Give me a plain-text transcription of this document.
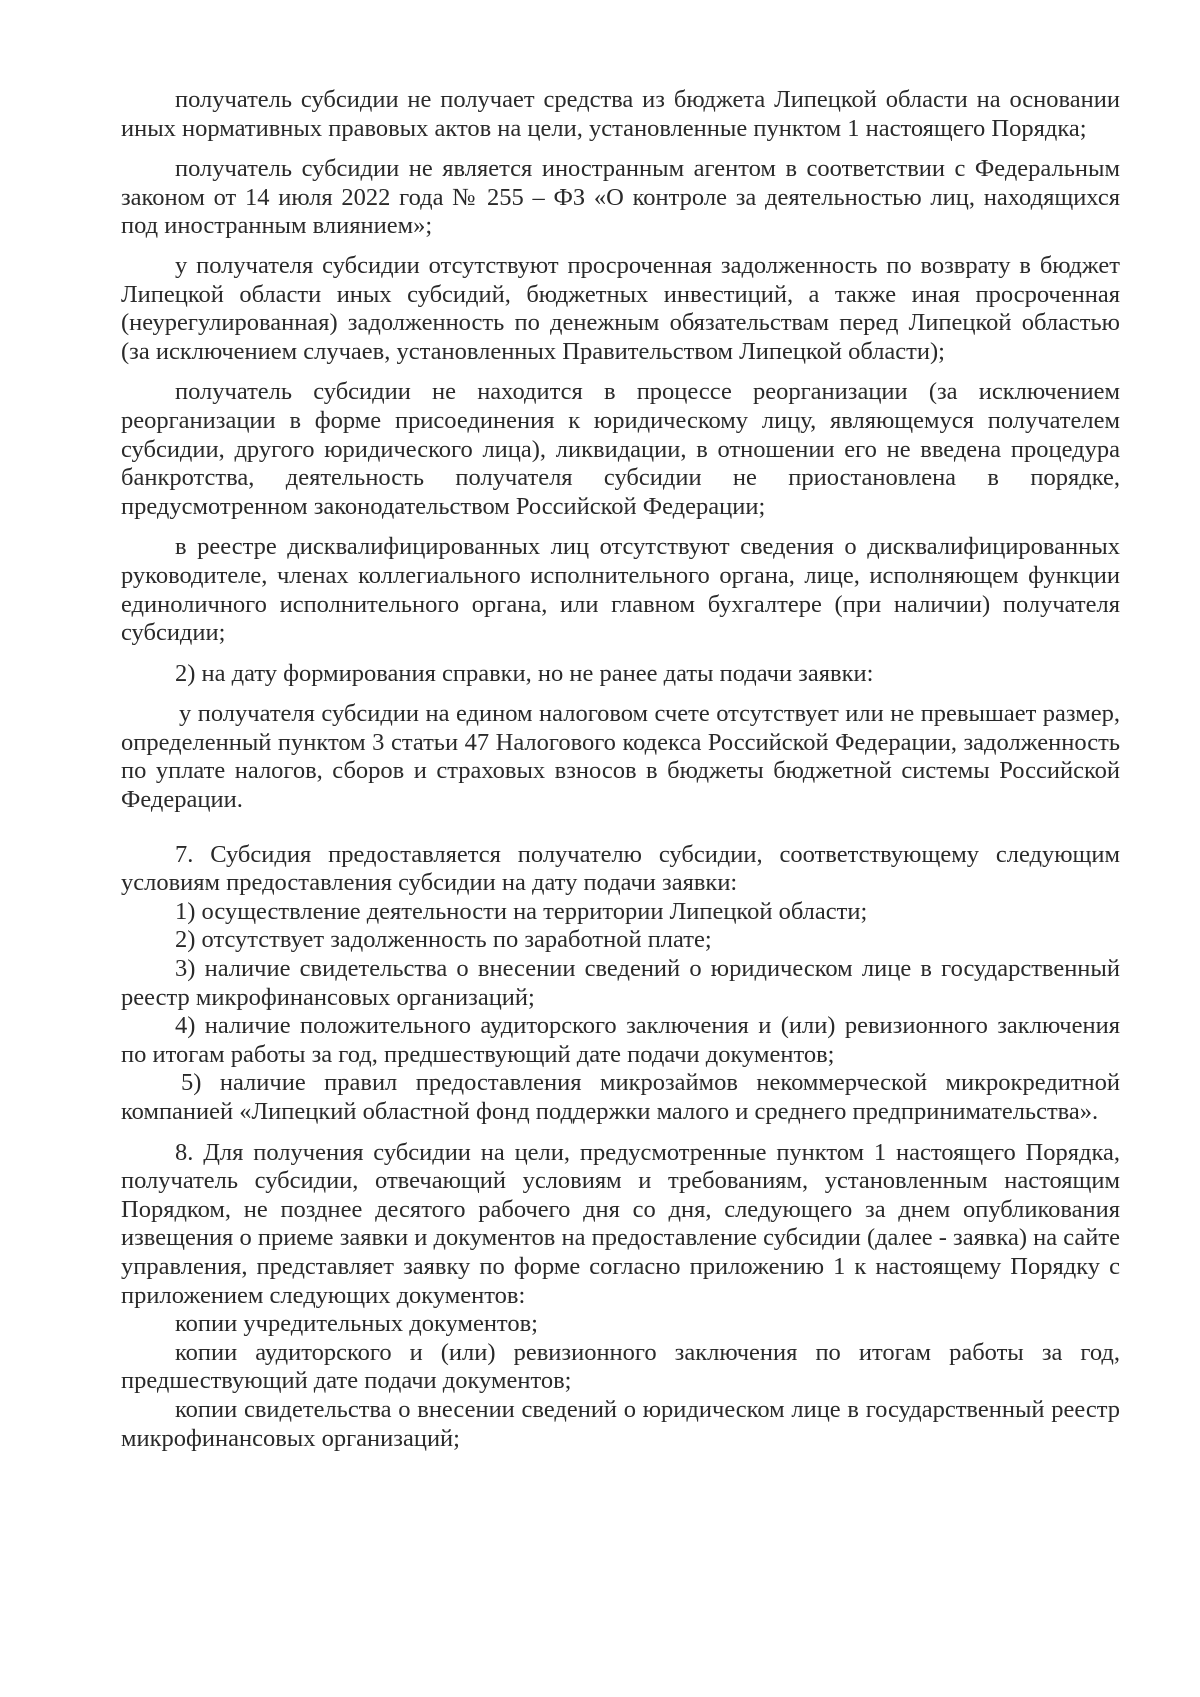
получатель субсидии не получает средства из бюджета Липецкой области на основании иных нормативных правовых актов на цели, установленные пунктом 1 настоящего Порядка;

получатель субсидии не является иностранным агентом в соответствии с Федеральным законом от 14 июля 2022 года № 255 – ФЗ «О контроле за деятельностью лиц, находящихся под иностранным влиянием»;

у получателя субсидии отсутствуют просроченная задолженность по возврату в бюджет Липецкой области иных субсидий, бюджетных инвестиций, а также иная просроченная (неурегулированная) задолженность по денежным обязательствам перед Липецкой областью (за исключением случаев, установленных Правительством Липецкой области);

получатель субсидии не находится в процессе реорганизации (за исключением реорганизации в форме присоединения к юридическому лицу, являющемуся получателем субсидии, другого юридического лица), ликвидации, в отношении его не введена процедура банкротства, деятельность получателя субсидии не приостановлена в порядке, предусмотренном законодательством Российской Федерации;

в реестре дисквалифицированных лиц отсутствуют сведения о дисквалифицированных руководителе, членах коллегиального исполнительного органа, лице, исполняющем функции единоличного исполнительного органа, или главном бухгалтере (при наличии) получателя субсидии;

2) на дату формирования справки, но не ранее даты подачи заявки:

у получателя субсидии на едином налоговом счете отсутствует или не превышает размер, определенный пунктом 3 статьи 47 Налогового кодекса Российской Федерации, задолженность по уплате налогов, сборов и страховых взносов в бюджеты бюджетной системы Российской Федерации.

7. Субсидия предоставляется получателю субсидии, соответствующему следующим условиям предоставления субсидии на дату подачи заявки:

1) осуществление деятельности на территории Липецкой области;

2) отсутствует задолженность по заработной плате;

3) наличие свидетельства о внесении сведений о юридическом лице в государственный реестр микрофинансовых организаций;

4) наличие положительного аудиторского заключения и (или) ревизионного заключения по итогам работы за год, предшествующий дате подачи документов;

5) наличие правил предоставления микрозаймов некоммерческой микрокредитной компанией «Липецкий областной фонд поддержки малого и среднего предпринимательства».

8. Для получения субсидии на цели, предусмотренные пунктом 1 настоящего Порядка, получатель субсидии, отвечающий условиям и требованиям, установленным настоящим Порядком, не позднее десятого рабочего дня со дня, следующего за днем опубликования извещения о приеме заявки и документов на предоставление субсидии (далее - заявка) на сайте управления, представляет заявку по форме согласно приложению 1 к настоящему Порядку с приложением следующих документов:

копии учредительных документов;

копии аудиторского и (или) ревизионного заключения по итогам работы за год, предшествующий дате подачи документов;

копии свидетельства о внесении сведений о юридическом лице в государственный реестр микрофинансовых организаций;
